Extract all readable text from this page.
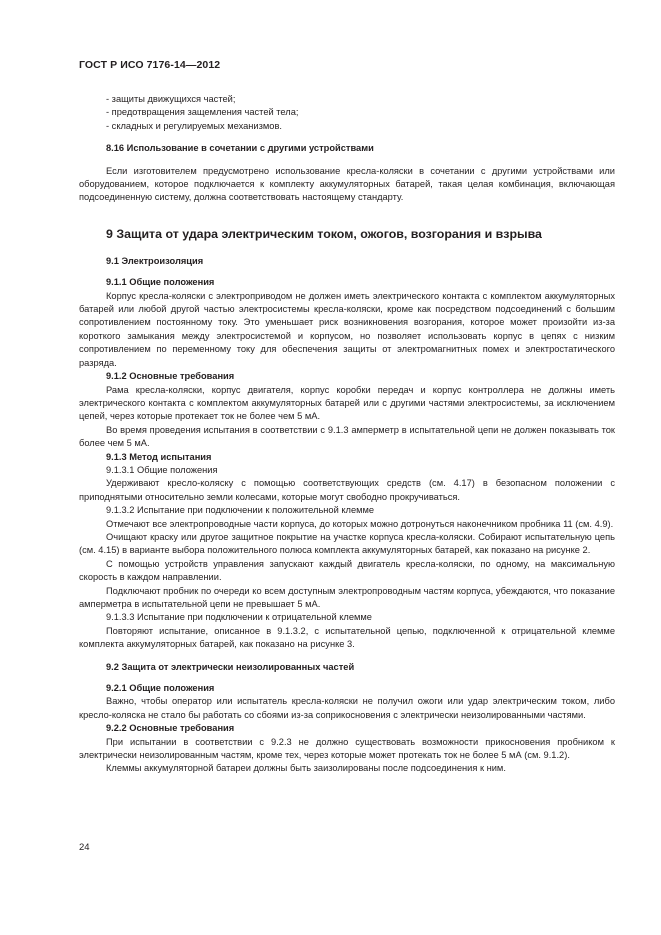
ГОСТ Р ИСО 7176-14—2012

- защиты движущихся частей;

- предотвращения защемления частей тела;

- складных и регулируемых механизмов.

8.16 Использование в сочетании с другими устройствами

Если изготовителем предусмотрено использование кресла-коляски в сочетании с другими устройствами или оборудованием, которое подключается к комплекту аккумуляторных батарей, такая целая комбинация, включающая подсоединенную систему, должна соответствовать настоящему стандарту.

9 Защита от удара электрическим током, ожогов, возгорания и взрыва

9.1 Электроизоляция

9.1.1 Общие положения

Корпус кресла-коляски с электроприводом не должен иметь электрического контакта с комплектом аккумуляторных батарей или любой другой частью электросистемы кресла-коляски, кроме как посредством подсоединений с большим сопротивлением постоянному току. Это уменьшает риск возникновения возгорания, которое может произойти из-за короткого замыкания между электросистемой и корпусом, но позволяет использовать корпус в цепях с низким сопротивлением по переменному току для обеспечения защиты от электромагнитных помех и электростатического разряда.

9.1.2 Основные требования

Рама кресла-коляски, корпус двигателя, корпус коробки передач и корпус контроллера не должны иметь электрического контакта с комплектом аккумуляторных батарей или с другими частями электросистемы, за исключением цепей, через которые протекает ток не более чем 5 мА.

Во время проведения испытания в соответствии с 9.1.3 амперметр в испытательной цепи не должен показывать ток более чем 5 мА.

9.1.3 Метод испытания

9.1.3.1 Общие положения

Удерживают кресло-коляску с помощью соответствующих средств (см. 4.17) в безопасном положении с приподнятыми относительно земли колесами, которые могут свободно прокручиваться.

9.1.3.2 Испытание при подключении к положительной клемме

Отмечают все электропроводные части корпуса, до которых можно дотронуться наконечником пробника 11 (см. 4.9).

Очищают краску или другое защитное покрытие на участке корпуса кресла-коляски. Собирают испытательную цепь (см. 4.15) в варианте выбора положительного полюса комплекта аккумуляторных батарей, как показано на рисунке 2.

С помощью устройств управления запускают каждый двигатель кресла-коляски, по одному, на максимальную скорость в каждом направлении.

Подключают пробник по очереди ко всем доступным электропроводным частям корпуса, убеждаются, что показание амперметра в испытательной цепи не превышает 5 мА.

9.1.3.3 Испытание при подключении к отрицательной клемме

Повторяют испытание, описанное в 9.1.3.2, с испытательной цепью, подключенной к отрицательной клемме комплекта аккумуляторных батарей, как показано на рисунке 3.

9.2 Защита от электрически неизолированных частей

9.2.1 Общие положения

Важно, чтобы оператор или испытатель кресла-коляски не получил ожоги или удар электрическим током, либо кресло-коляска не стало бы работать со сбоями из-за соприкосновения с электрически неизолированными частями.

9.2.2 Основные требования

При испытании в соответствии с 9.2.3 не должно существовать возможности прикосновения пробником к электрически неизолированным частям, кроме тех, через которые может протекать ток не более 5 мА (см. 9.1.2).

Клеммы аккумуляторной батареи должны быть заизолированы после подсоединения к ним.

24
